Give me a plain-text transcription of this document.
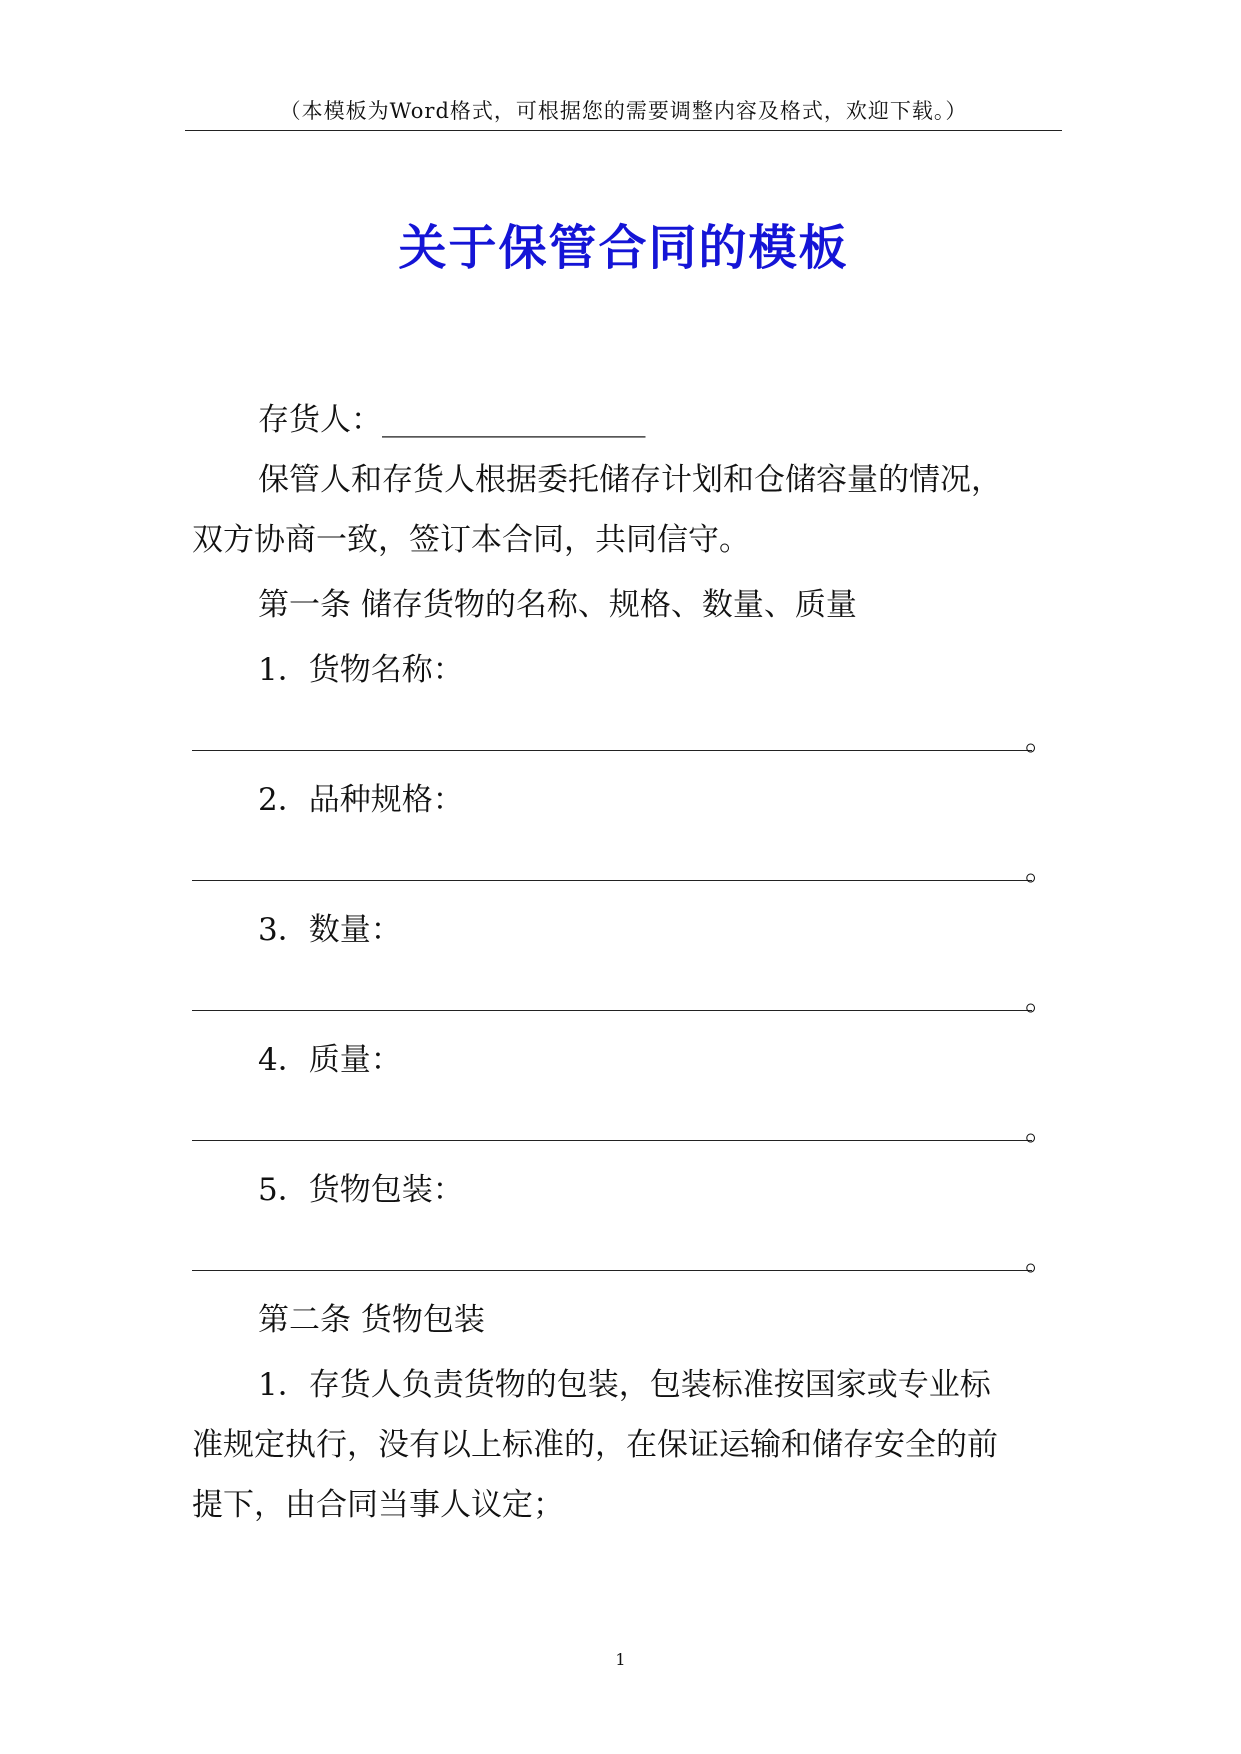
（本模板为Word格式，可根据您的需要调整内容及格式，欢迎下载。）
关于保管合同的模板
存货人：_________________
保管人和存货人根据委托储存计划和仓储容量的情况，
双方协商一致，签订本合同，共同信守。
第一条 储存货物的名称、规格、数量、质量
1．货物名称：
。
2．品种规格：
。
3．数量：
。
4．质量：
。
5．货物包装：
。
第二条 货物包装
1．存货人负责货物的包装，包装标准按国家或专业标
准规定执行，没有以上标准的，在保证运输和储存安全的前
提下，由合同当事人议定；
1
